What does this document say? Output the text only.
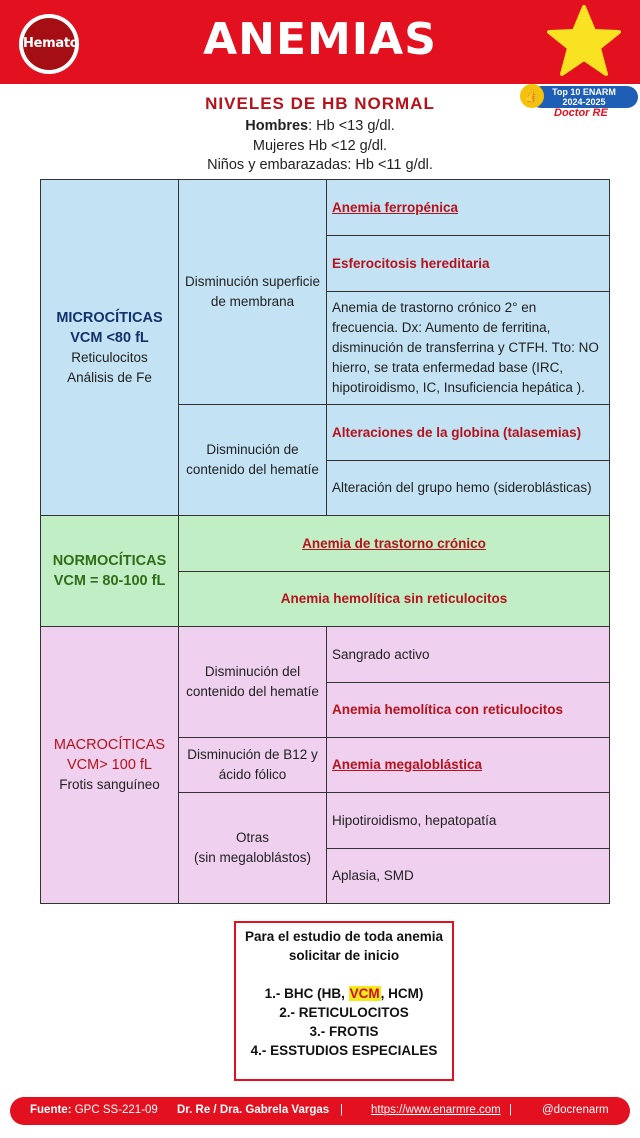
Hemato	ANEMIAS
Top 10 ENARM
2024-2025
👍
Doctor RE
NIVELES DE HB NORMAL
Hombres: Hb <13 g/dl.
Mujeres Hb <12 g/dl.
Niños y embarazadas: Hb <11 g/dl.
MICROCÍTICAS
VCM <80 fL
Reticulocitos
Análisis de Fe
Disminución superficie de membrana
Disminución de contenido del hematíe
Anemia ferropénica
Esferocitosis hereditaria
Anemia de trastorno crónico 2° en frecuencia. Dx: Aumento de ferritina, disminución de transferrina y CTFH. Tto: NO hierro, se trata enfermedad base (IRC, hipotiroidismo, IC, Insuficiencia hepática ).
Alteraciones de la globina (talasemias)
Alteración del grupo hemo (sideroblásticas)
NORMOCÍTICAS
VCM = 80-100 fL
Anemia de trastorno crónico
Anemia hemolítica sin reticulocitos
MACROCÍTICAS
VCM> 100 fL
Frotis sanguíneo
Disminución del contenido del hematíe
Disminución de B12 y ácido fólico
Otras
(sin megaloblástos)
Sangrado activo
Anemia hemolítica con reticulocitos
Anemia megaloblástica
Hipotiroidismo, hepatopatía
Aplasia, SMD
Para el estudio de toda anemia solicitar de inicio
1.- BHC (HB, VCM, HCM)
2.- RETICULOCITOS
3.- FROTIS
4.- ESSTUDIOS ESPECIALES
Fuente: GPC SS-221-09 Dr. Re / Dra. Gabrela Vargas | https://www.enarmre.com |	@docrenarm
